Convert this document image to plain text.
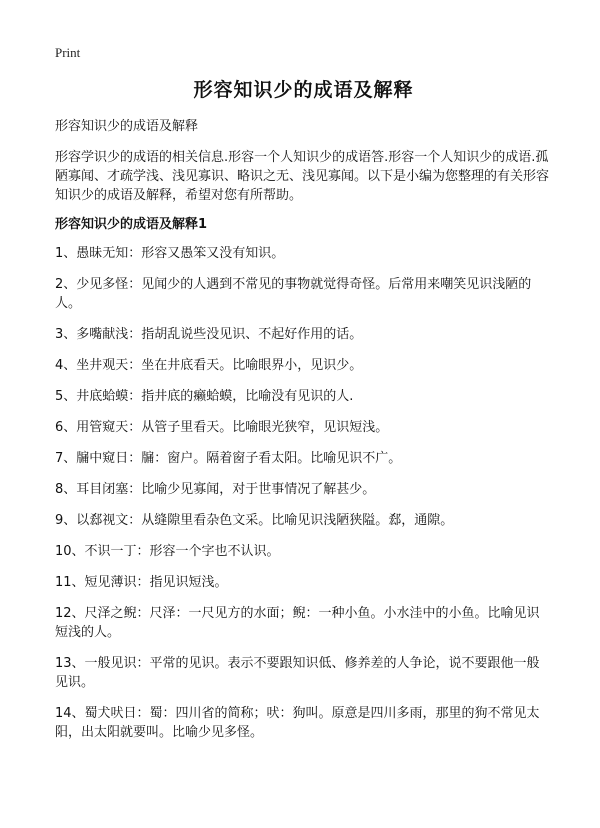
Print
形容知识少的成语及解释

形容知识少的成语及解释

形容学识少的成语的相关信息.形容一个人知识少的成语答.形容一个人知识少的成语.孤陋寡闻、才疏学浅、浅见寡识、略识之无、浅见寡闻。以下是小编为您整理的有关形容知识少的成语及解释，希望对您有所帮助。

形容知识少的成语及解释1

1、愚昧无知：形容又愚笨又没有知识。
2、少见多怪：见闻少的人遇到不常见的事物就觉得奇怪。后常用来嘲笑见识浅陋的人。
3、多嘴献浅：指胡乱说些没见识、不起好作用的话。
4、坐井观天：坐在井底看天。比喻眼界小，见识少。
5、井底蛤蟆：指井底的癞蛤蟆，比喻没有见识的人.
6、用管窥天：从管子里看天。比喻眼光狭窄，见识短浅。
7、牖中窥日：牖：窗户。隔着窗子看太阳。比喻见识不广。
8、耳目闭塞：比喻少见寡闻，对于世事情况了解甚少。
9、以郄视文：从缝隙里看杂色文采。比喻见识浅陋狭隘。郄，通隙。
10、不识一丁：形容一个字也不认识。
11、短见薄识：指见识短浅。
12、尺泽之鲵：尺泽：一尺见方的水面；鲵：一种小鱼。小水洼中的小鱼。比喻见识短浅的人。
13、一般见识：平常的见识。表示不要跟知识低、修养差的人争论，说不要跟他一般见识。
14、蜀犬吠日：蜀：四川省的简称；吠：狗叫。原意是四川多雨，那里的狗不常见太阳，出太阳就要叫。比喻少见多怪。
